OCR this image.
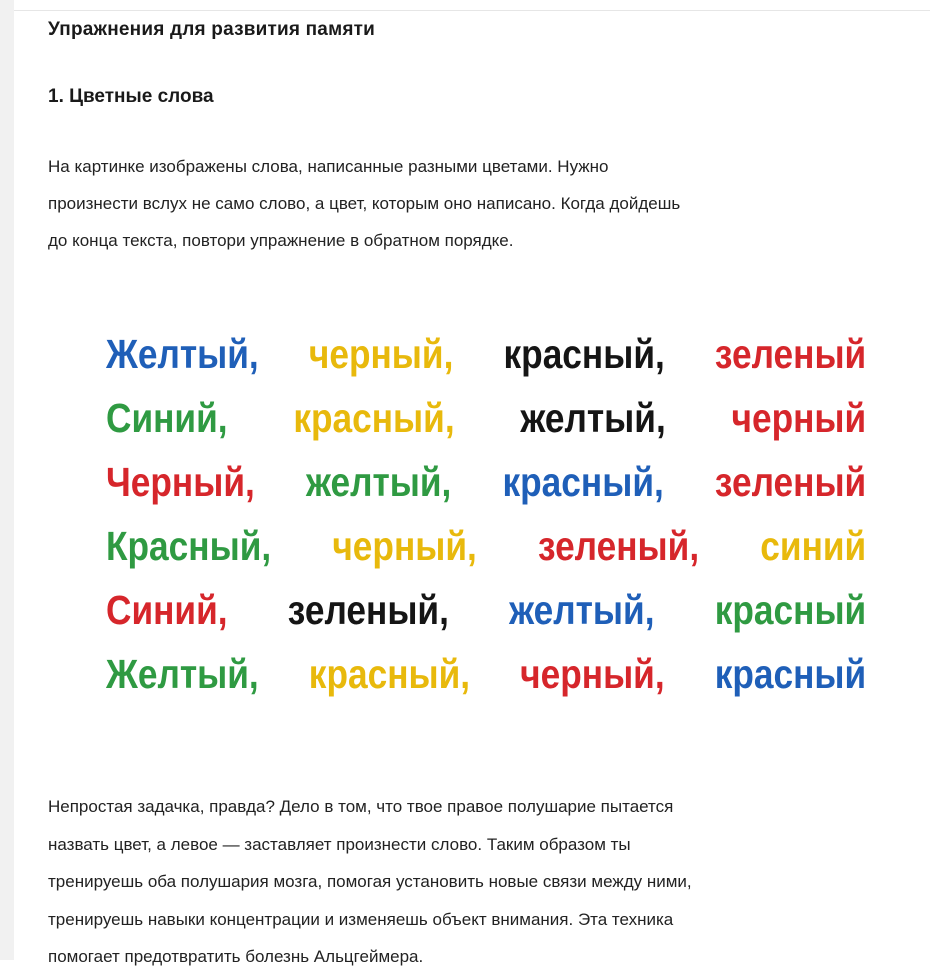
Упражнения для развития памяти
1. Цветные слова
На картинке изображены слова, написанные разными цветами. Нужно
произнести вслух не само слово, а цвет, которым оно написано. Когда дойдешь
до конца текста, повтори упражнение в обратном порядке.
Желтый, черный, красный, зеленый
Синий, красный, желтый, черный
Черный, желтый, красный, зеленый
Красный, черный, зеленый, синий
Синий, зеленый, желтый, красный
Желтый, красный, черный, красный
Непростая задачка, правда? Дело в том, что твое правое полушарие пытается
назвать цвет, а левое — заставляет произнести слово. Таким образом ты
тренируешь оба полушария мозга, помогая установить новые связи между ними,
тренируешь навыки концентрации и изменяешь объект внимания. Эта техника
помогает предотвратить болезнь Альцгеймера.
